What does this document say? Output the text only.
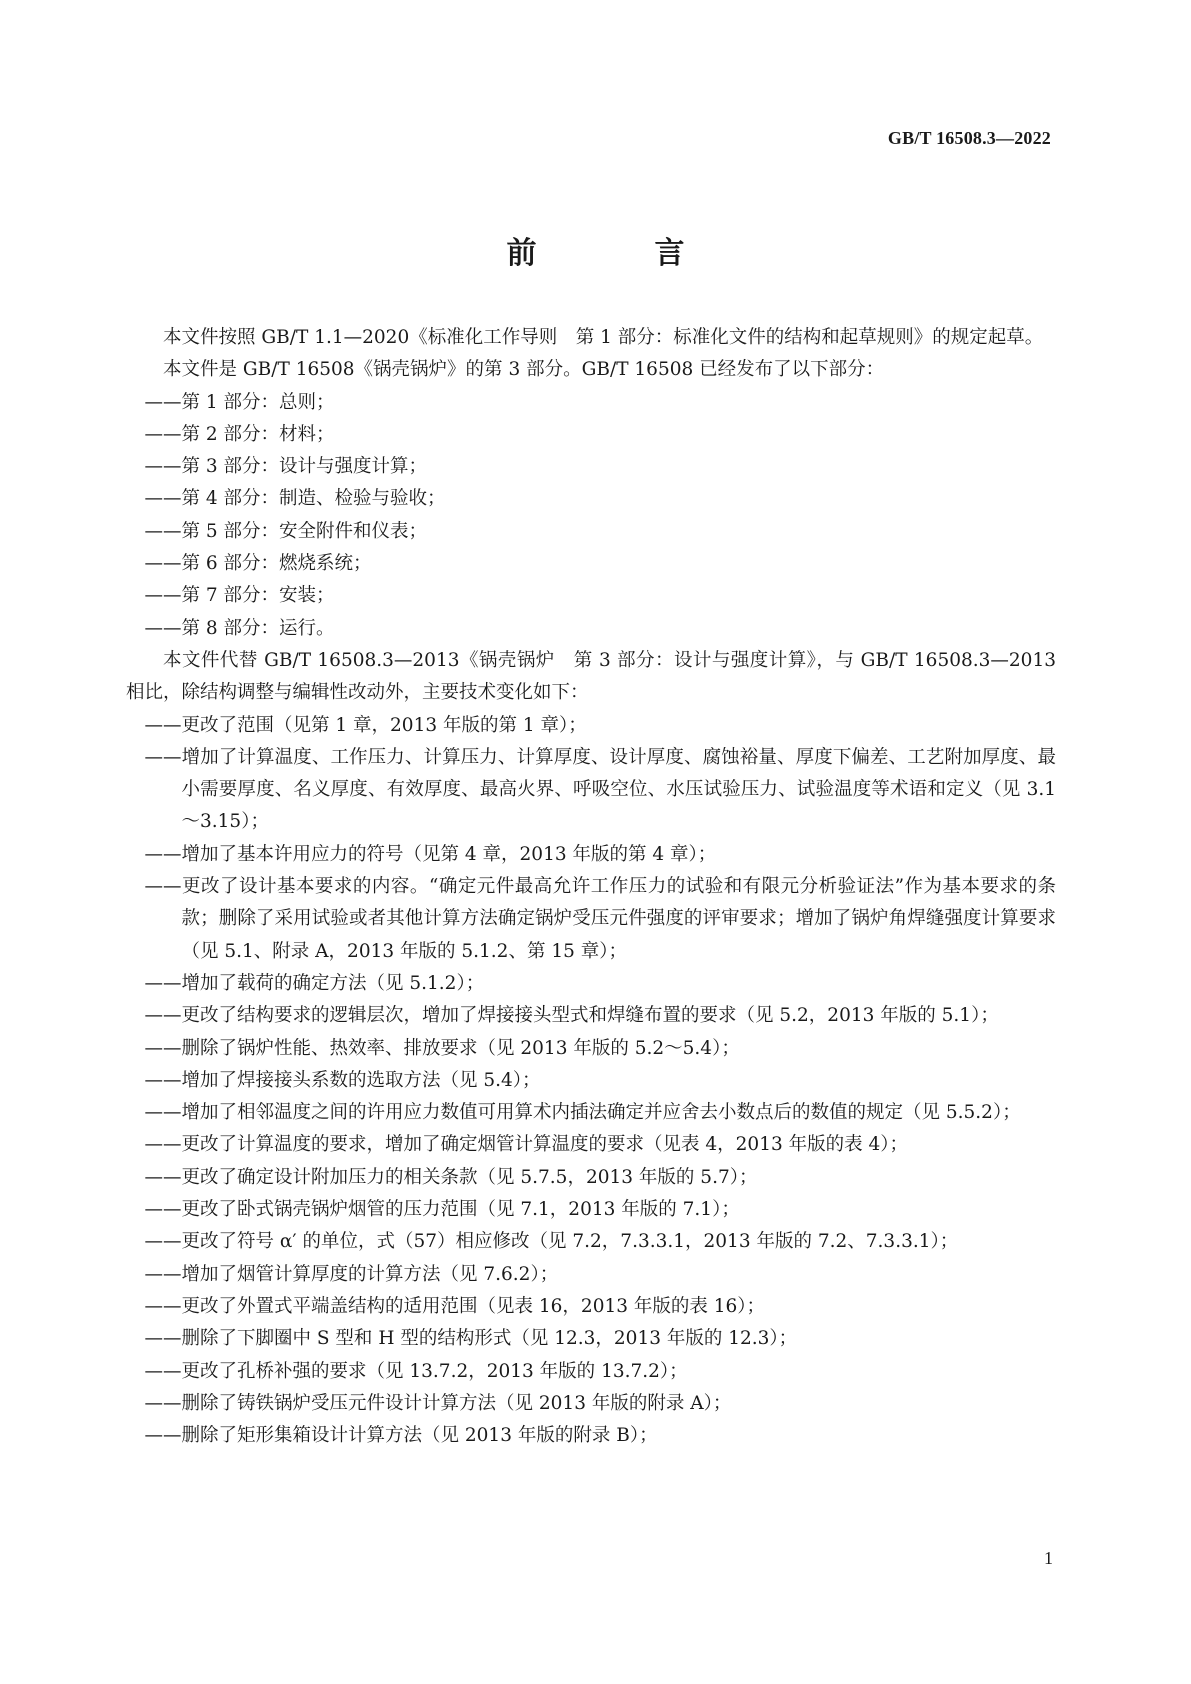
GB/T 16508.3—2022
前　言

本文件按照 GB/T 1.1—2020《标准化工作导则　第 1 部分：标准化文件的结构和起草规则》的规定起草。

本文件是 GB/T 16508《锅壳锅炉》的第 3 部分。GB/T 16508 已经发布了以下部分：

——第 1 部分：总则；

——第 2 部分：材料；

——第 3 部分：设计与强度计算；

——第 4 部分：制造、检验与验收；

——第 5 部分：安全附件和仪表；

——第 6 部分：燃烧系统；

——第 7 部分：安装；

——第 8 部分：运行。

本文件代替 GB/T 16508.3—2013《锅壳锅炉　第 3 部分：设计与强度计算》，与 GB/T 16508.3—2013 相比，除结构调整与编辑性改动外，主要技术变化如下：

——更改了范围（见第 1 章，2013 年版的第 1 章）；

——增加了计算温度、工作压力、计算压力、计算厚度、设计厚度、腐蚀裕量、厚度下偏差、工艺附加厚度、最小需要厚度、名义厚度、有效厚度、最高火界、呼吸空位、水压试验压力、试验温度等术语和定义（见 3.1～3.15）；

——增加了基本许用应力的符号（见第 4 章，2013 年版的第 4 章）；

——更改了设计基本要求的内容。“确定元件最高允许工作压力的试验和有限元分析验证法”作为基本要求的条款；删除了采用试验或者其他计算方法确定锅炉受压元件强度的评审要求；增加了锅炉角焊缝强度计算要求（见 5.1、附录 A，2013 年版的 5.1.2、第 15 章）；

——增加了载荷的确定方法（见 5.1.2）；

——更改了结构要求的逻辑层次，增加了焊接接头型式和焊缝布置的要求（见 5.2，2013 年版的 5.1）；

——删除了锅炉性能、热效率、排放要求（见 2013 年版的 5.2～5.4）；

——增加了焊接接头系数的选取方法（见 5.4）；

——增加了相邻温度之间的许用应力数值可用算术内插法确定并应舍去小数点后的数值的规定（见 5.5.2）；

——更改了计算温度的要求，增加了确定烟管计算温度的要求（见表 4，2013 年版的表 4）；

——更改了确定设计附加压力的相关条款（见 5.7.5，2013 年版的 5.7）；

——更改了卧式锅壳锅炉烟管的压力范围（见 7.1，2013 年版的 7.1）；

——更改了符号 α′ 的单位，式（57）相应修改（见 7.2，7.3.3.1，2013 年版的 7.2、7.3.3.1）；

——增加了烟管计算厚度的计算方法（见 7.6.2）；

——更改了外置式平端盖结构的适用范围（见表 16，2013 年版的表 16）；

——删除了下脚圈中 S 型和 H 型的结构形式（见 12.3，2013 年版的 12.3）；

——更改了孔桥补强的要求（见 13.7.2，2013 年版的 13.7.2）；

——删除了铸铁锅炉受压元件设计计算方法（见 2013 年版的附录 A）；

——删除了矩形集箱设计计算方法（见 2013 年版的附录 B）；

1
